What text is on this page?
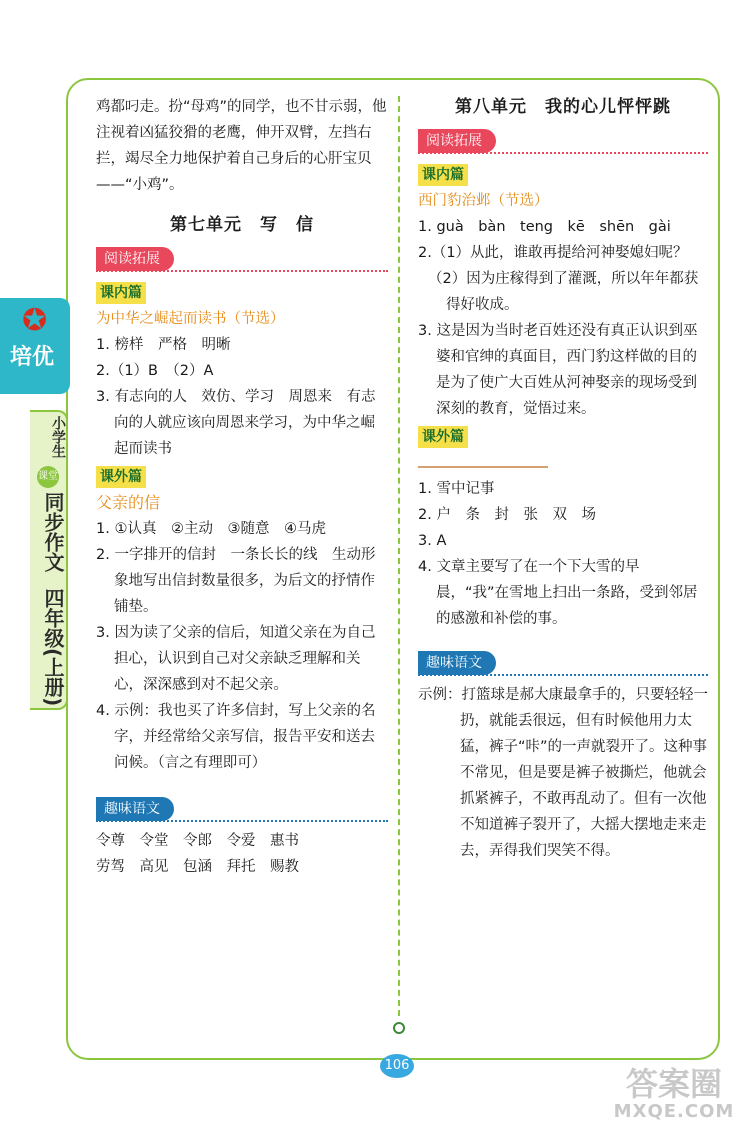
✪
培优
小学生
课堂
同步作文
四年级(上册)

鸡都叼走。扮“母鸡”的同学，也不甘示弱，他注视着凶猛狡猾的老鹰，伸开双臂，左挡右拦，竭尽全力地保护着自己身后的心肝宝贝——“小鸡”。

第七单元　写　信
阅读拓展 ›
课内篇

为中华之崛起而读书（节选）

1. 榜样　严格　明晰

2.（1）B　（2）A

3. 有志向的人　效仿、学习　周恩来　有志向的人就应该向周恩来学习，为中华之崛起而读书

课外篇

父亲的信

1. ①认真　②主动　③随意　④马虎

2. 一字排开的信封　一条长长的线　生动形象地写出信封数量很多，为后文的抒情作铺垫。

3. 因为读了父亲的信后，知道父亲在为自己担心，认识到自己对父亲缺乏理解和关心，深深感到对不起父亲。

4. 示例：我也买了许多信封，写上父亲的名字，并经常给父亲写信，报告平安和送去问候。（言之有理即可）

趣味语文 ›

令尊　令堂　令郎　令爱　惠书

劳驾　高见　包涵　拜托　赐教

第八单元　我的心儿怦怦跳
阅读拓展 ›
课内篇

西门豹治邺（节选）

1. guà　bàn　teng　kē　shēn　gài

2.（1）从此，谁敢再提给河神娶媳妇呢？

（2）因为庄稼得到了灌溉，所以年年都获得好收成。

3. 这是因为当时老百姓还没有真正认识到巫婆和官绅的真面目，西门豹这样做的目的是为了使广大百姓从河神娶亲的现场受到深刻的教育，觉悟过来。

课外篇

1. 雪中记事

2. 户　条　封　张　双　场

3. A

4. 文章主要写了在一个下大雪的早晨，“我”在雪地上扫出一条路，受到邻居的感激和补偿的事。

趣味语文 ›

示例：打篮球是郝大康最拿手的，只要轻轻一扔，就能丢很远，但有时候他用力太猛，裤子“咔”的一声就裂开了。这种事不常见，但是要是裤子被撕烂，他就会抓紧裤子，不敢再乱动了。但有一次他不知道裤子裂开了，大摇大摆地走来走去，弄得我们哭笑不得。

106	答案圈
MXQE.COM
